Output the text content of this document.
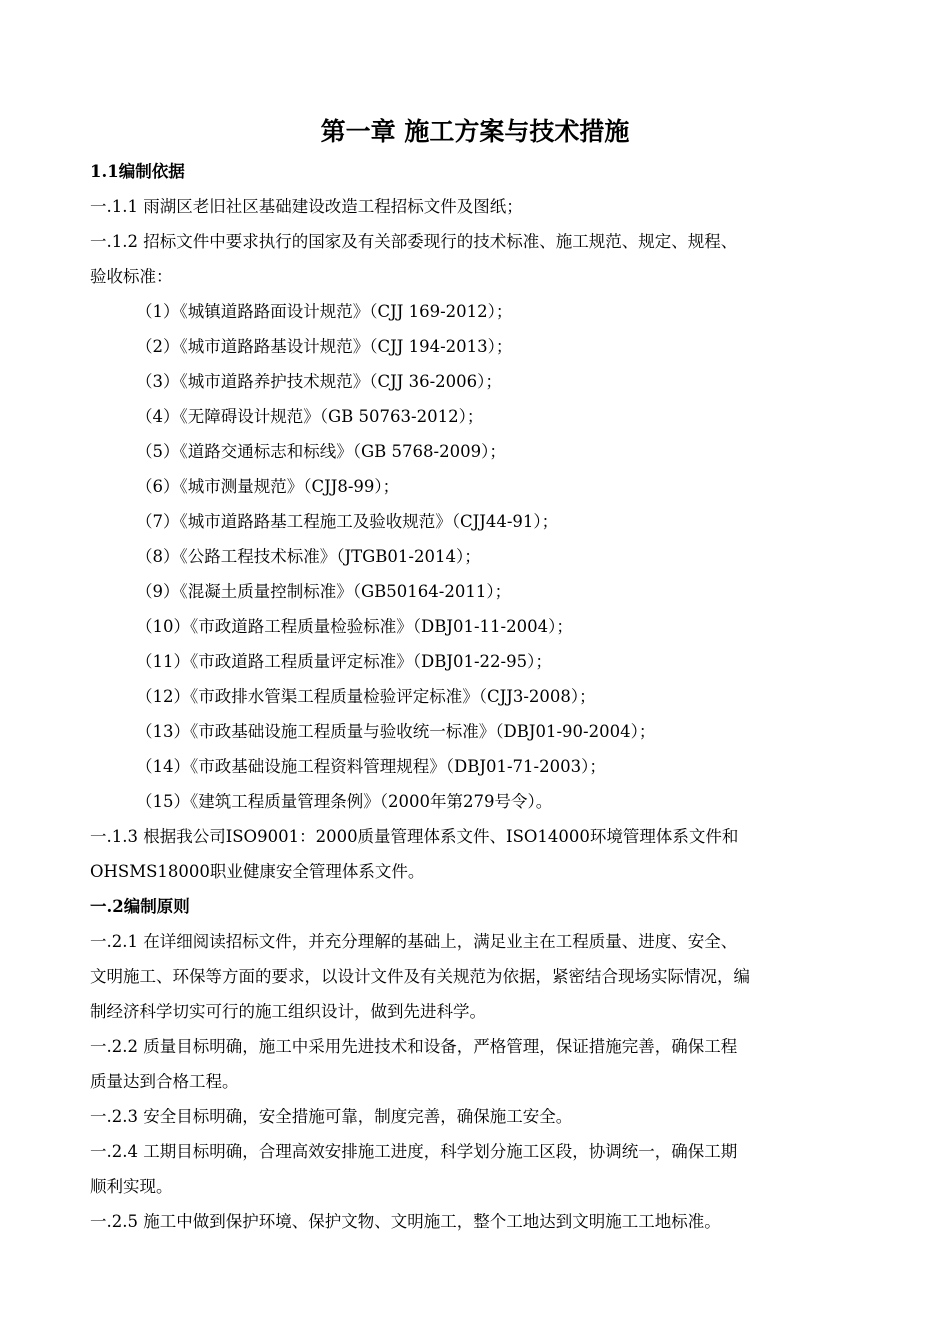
第一章 施工方案与技术措施
1.1编制依据
一.1.1 雨湖区老旧社区基础建设改造工程招标文件及图纸；
一.1.2 招标文件中要求执行的国家及有关部委现行的技术标准、施工规范、规定、规程、
验收标准：
（1）《城镇道路路面设计规范》（CJJ 169-2012）；
（2）《城市道路路基设计规范》（CJJ 194-2013）；
（3）《城市道路养护技术规范》（CJJ 36-2006）；
（4）《无障碍设计规范》（GB 50763-2012）；
（5）《道路交通标志和标线》（GB 5768-2009）；
（6）《城市测量规范》（CJJ8-99）；
（7）《城市道路路基工程施工及验收规范》（CJJ44-91）；
（8）《公路工程技术标准》（JTGB01-2014）；
（9）《混凝土质量控制标准》（GB50164-2011）；
（10）《市政道路工程质量检验标准》（DBJ01-11-2004）；
（11）《市政道路工程质量评定标准》（DBJ01-22-95）；
（12）《市政排水管渠工程质量检验评定标准》（CJJ3-2008）；
（13）《市政基础设施工程质量与验收统一标准》（DBJ01-90-2004）；
（14）《市政基础设施工程资料管理规程》（DBJ01-71-2003）；
（15）《建筑工程质量管理条例》（2000年第279号令）。
一.1.3 根据我公司ISO9001：2000质量管理体系文件、ISO14000环境管理体系文件和
OHSMS18000职业健康安全管理体系文件。
一.2编制原则
一.2.1 在详细阅读招标文件，并充分理解的基础上，满足业主在工程质量、进度、安全、
文明施工、环保等方面的要求，以设计文件及有关规范为依据，紧密结合现场实际情况，编
制经济科学切实可行的施工组织设计，做到先进科学。
一.2.2 质量目标明确，施工中采用先进技术和设备，严格管理，保证措施完善，确保工程
质量达到合格工程。
一.2.3 安全目标明确，安全措施可靠，制度完善，确保施工安全。
一.2.4 工期目标明确，合理高效安排施工进度，科学划分施工区段，协调统一，确保工期
顺利实现。
一.2.5 施工中做到保护环境、保护文物、文明施工，整个工地达到文明施工工地标准。
